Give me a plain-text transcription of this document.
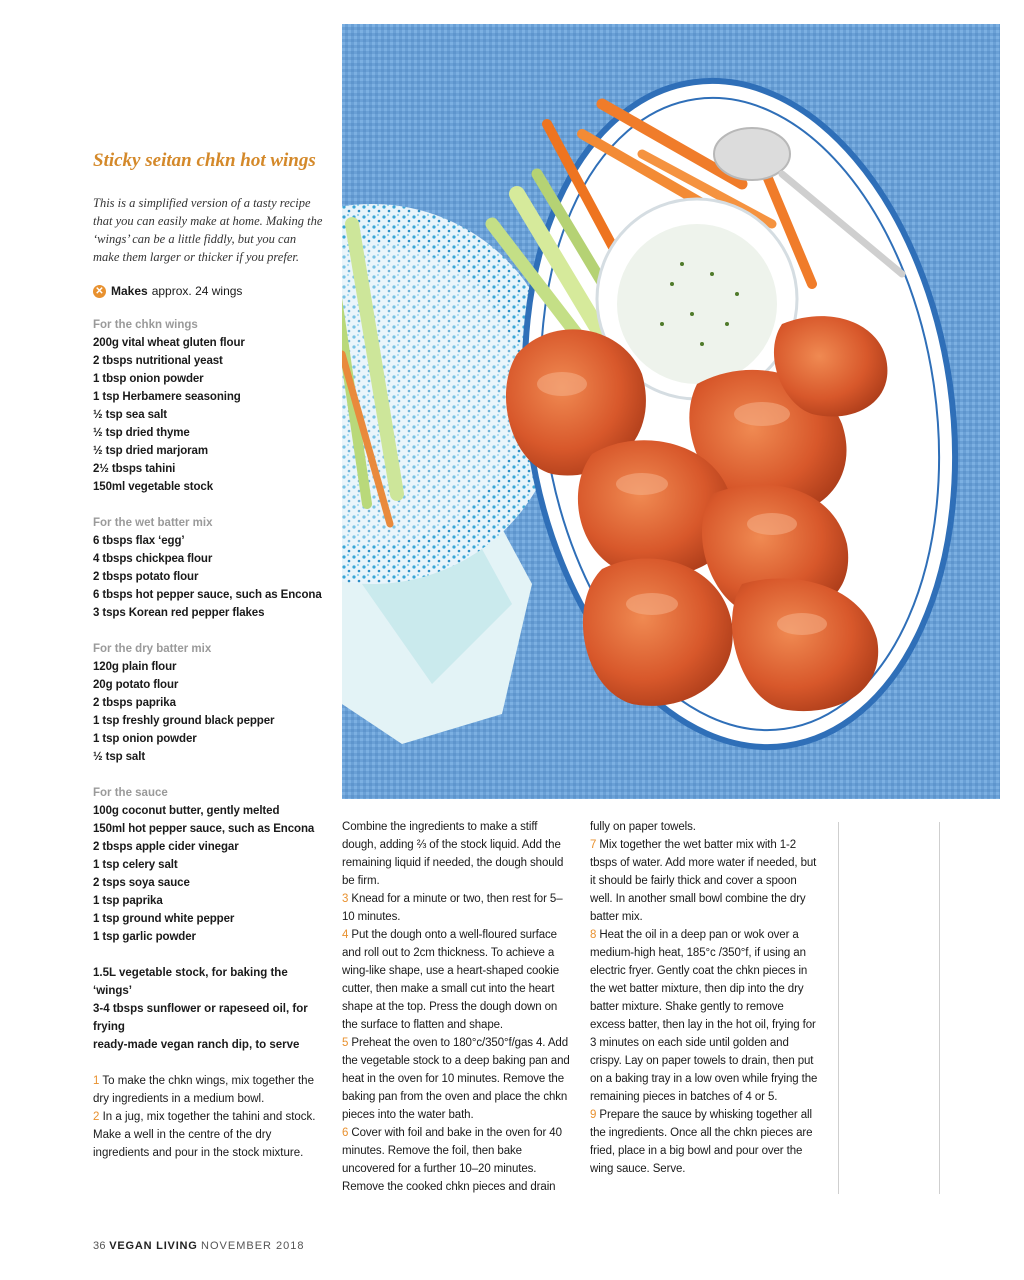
Sticky seitan chkn hot wings

This is a simplified version of a tasty recipe that you can easily make at home. Making the ‘wings’ can be a little fiddly, but you can make them larger or thicker if you prefer.

✕ Makes approx. 24 wings

For the chkn wings

200g vital wheat gluten flour
2 tbsps nutritional yeast
1 tbsp onion powder
1 tsp Herbamere seasoning
½ tsp sea salt
½ tsp dried thyme
½ tsp dried marjoram
2½ tbsps tahini
150ml vegetable stock

For the wet batter mix

6 tbsps flax ‘egg’
4 tbsps chickpea flour
2 tbsps potato flour
6 tbsps hot pepper sauce, such as Encona
3 tsps Korean red pepper flakes

For the dry batter mix

120g plain flour
20g potato flour
2 tbsps paprika
1 tsp freshly ground black pepper
1 tsp onion powder
½ tsp salt

For the sauce

100g coconut butter, gently melted
150ml hot pepper sauce, such as Encona
2 tbsps apple cider vinegar
1 tsp celery salt
2 tsps soya sauce
1 tsp paprika
1 tsp ground white pepper
1 tsp garlic powder
1.5L vegetable stock, for baking the ‘wings’
3-4 tbsps sunflower or rapeseed oil, for frying
ready-made vegan ranch dip, to serve

1 To make the chkn wings, mix together the dry ingredients in a medium bowl.

2 In a jug, mix together the tahini and stock. Make a well in the centre of the dry ingredients and pour in the stock mixture.

Combine the ingredients to make a stiff dough, adding ⅔ of the stock liquid. Add the remaining liquid if needed, the dough should be firm.

3 Knead for a minute or two, then rest for 5–10 minutes.

4 Put the dough onto a well-floured surface and roll out to 2cm thickness. To achieve a wing-like shape, use a heart-shaped cookie cutter, then make a small cut into the heart shape at the top. Press the dough down on the surface to flatten and shape.

5 Preheat the oven to 180°c/350°f/gas 4. Add the vegetable stock to a deep baking pan and heat in the oven for 10 minutes. Remove the baking pan from the oven and place the chkn pieces into the water bath.

6 Cover with foil and bake in the oven for 40 minutes. Remove the foil, then bake uncovered for a further 10–20 minutes. Remove the cooked chkn pieces and drain

fully on paper towels.

7 Mix together the wet batter mix with 1-2 tbsps of water. Add more water if needed, but it should be fairly thick and cover a spoon well. In another small bowl combine the dry batter mix.

8 Heat the oil in a deep pan or wok over a medium-high heat, 185°c /350°f, if using an electric fryer. Gently coat the chkn pieces in the wet batter mixture, then dip into the dry batter mixture. Shake gently to remove excess batter, then lay in the hot oil, frying for 3 minutes on each side until golden and crispy. Lay on paper towels to drain, then put on a baking tray in a low oven while frying the remaining pieces in batches of 4 or 5.

9 Prepare the sauce by whisking together all the ingredients. Once all the chkn pieces are fried, place in a big bowl and pour over the wing sauce. Serve.

36 VEGAN LIVING NOVEMBER 2018
